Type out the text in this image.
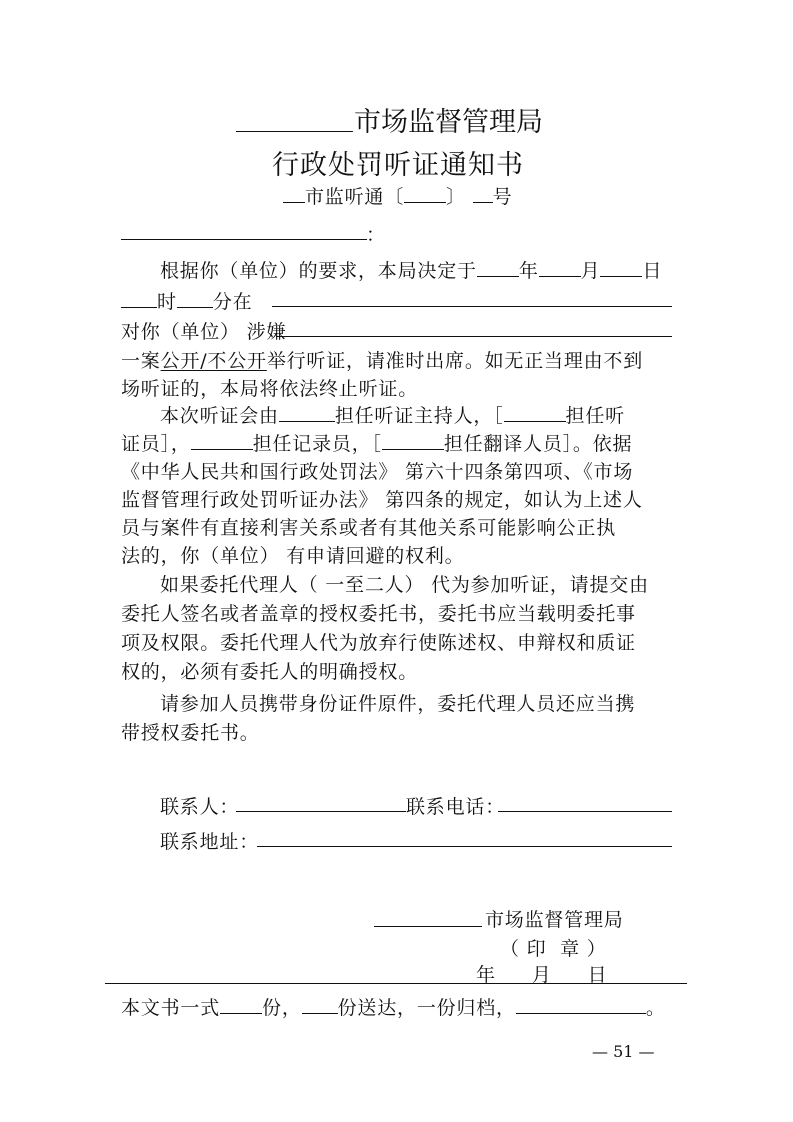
市场监督管理局
行政处罚听证通知书
市监听通〔 〕 号
：
根据你（单位）的要求，本局决定于 年 月 日
时 分在
对你（单位） 涉嫌
一案公开/不公开举行听证，请准时出席。如无正当理由不到
场听证的，本局将依法终止听证。
本次听证会由	担任听证主持人，［	担任听
证员］，	担任记录员，［	担任翻译人员］。依据
《中华人民共和国行政处罚法》 第六十四条第四项、《市场
监督管理行政处罚听证办法》 第四条的规定，如认为上述人
员与案件有直接利害关系或者有其他关系可能影响公正执
法的，你（单位） 有申请回避的权利。
如果委托代理人（ 一至二人） 代为参加听证，请提交由
委托人签名或者盖章的授权委托书，委托书应当载明委托事
项及权限。委托代理人代为放弃行使陈述权、申辩权和质证
权的，必须有委托人的明确授权。
请参加人员携带身份证件原件，委托代理人员还应当携
带授权委托书。
联系人：	联系电话：
联系地址：
市场监督管理局
（ 印  章 ）
年 月 日
本文书一式 份， 份送达，一份归档，	。
— 51 —
